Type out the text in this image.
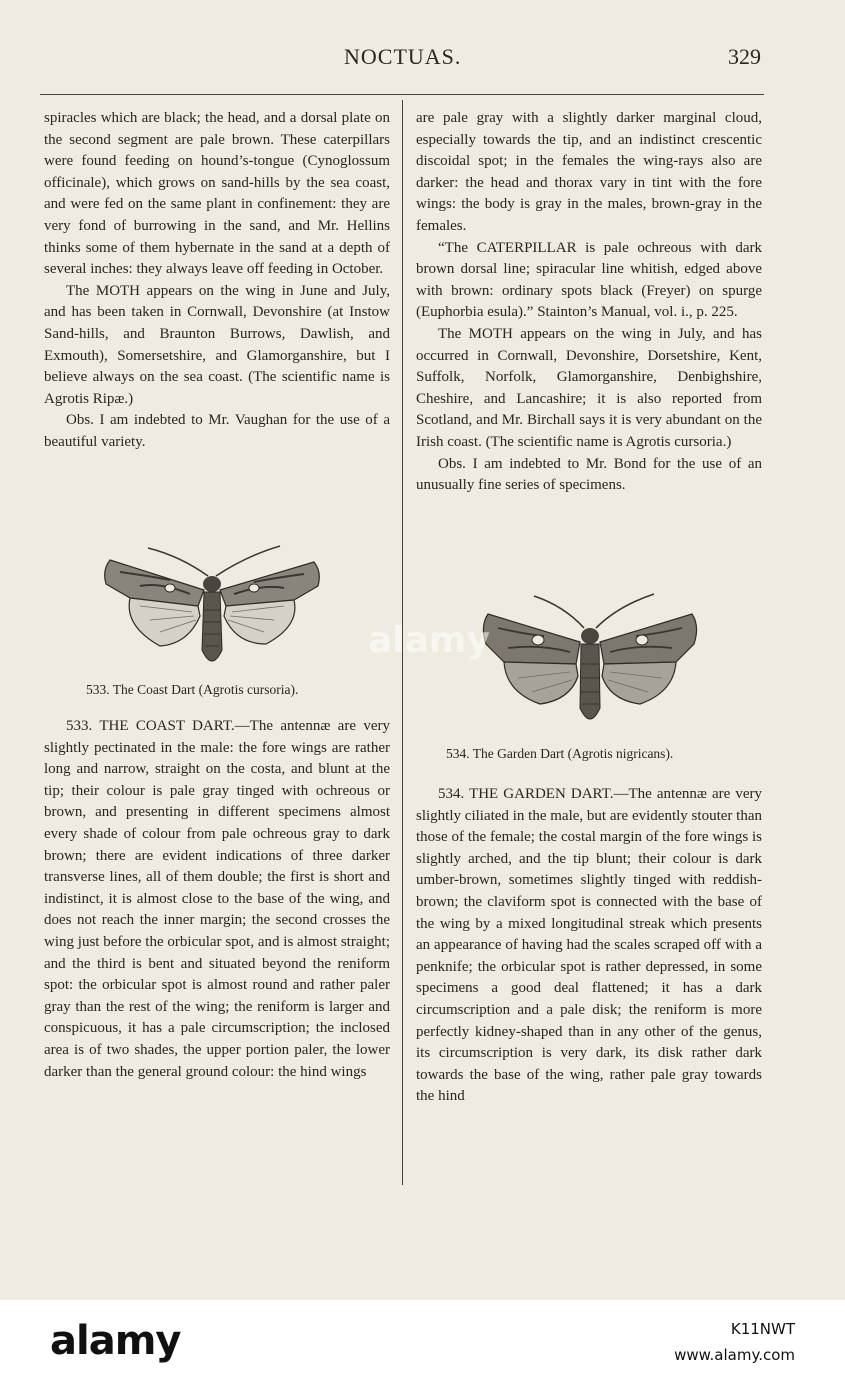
NOCTUAS.	329

spiracles which are black; the head, and a dorsal plate on the second segment are pale brown. These caterpillars were found feeding on hound’s-tongue (Cynoglossum officinale), which grows on sand-hills by the sea coast, and were fed on the same plant in confinement: they are very fond of burrowing in the sand, and Mr. Hellins thinks some of them hybernate in the sand at a depth of several inches: they always leave off feeding in October.

The MOTH appears on the wing in June and July, and has been taken in Cornwall, Devonshire (at Instow Sand-hills, and Braunton Burrows, Dawlish, and Exmouth), Somersetshire, and Glamorganshire, but I believe always on the sea coast. (The scientific name is Agrotis Ripæ.)

Obs. I am indebted to Mr. Vaughan for the use of a beautiful variety.

533. The Coast Dart (Agrotis cursoria).

533. THE COAST DART.—The antennæ are very slightly pectinated in the male: the fore wings are rather long and narrow, straight on the costa, and blunt at the tip; their colour is pale gray tinged with ochreous or brown, and presenting in different specimens almost every shade of colour from pale ochreous gray to dark brown; there are evident indications of three darker transverse lines, all of them double; the first is short and indistinct, it is almost close to the base of the wing, and does not reach the inner margin; the second crosses the wing just before the orbicular spot, and is almost straight; and the third is bent and situated beyond the reniform spot: the orbicular spot is almost round and rather paler gray than the rest of the wing; the reniform is larger and conspicuous, it has a pale circumscription; the inclosed area is of two shades, the upper portion paler, the lower darker than the general ground colour: the hind wings

are pale gray with a slightly darker marginal cloud, especially towards the tip, and an indistinct crescentic discoidal spot; in the females the wing-rays also are darker: the head and thorax vary in tint with the fore wings: the body is gray in the males, brown-gray in the females.

“The CATERPILLAR is pale ochreous with dark brown dorsal line; spiracular line whitish, edged above with brown: ordinary spots black (Freyer) on spurge (Euphorbia esula).” Stainton’s Manual, vol. i., p. 225.

The MOTH appears on the wing in July, and has occurred in Cornwall, Devonshire, Dorsetshire, Kent, Suffolk, Norfolk, Glamorganshire, Denbighshire, Cheshire, and Lancashire; it is also reported from Scotland, and Mr. Birchall says it is very abundant on the Irish coast. (The scientific name is Agrotis cursoria.)

Obs. I am indebted to Mr. Bond for the use of an unusually fine series of specimens.

534. The Garden Dart (Agrotis nigricans).

534. THE GARDEN DART.—The antennæ are very slightly ciliated in the male, but are evidently stouter than those of the female; the costal margin of the fore wings is slightly arched, and the tip blunt; their colour is dark umber-brown, sometimes slightly tinged with reddish-brown; the claviform spot is connected with the base of the wing by a mixed longitudinal streak which presents an appearance of having had the scales scraped off with a penknife; the orbicular spot is rather depressed, in some specimens a good deal flattened; it has a dark circumscription and a pale disk; the reniform is more perfectly kidney-shaped than in any other of the genus, its circumscription is very dark, its disk rather dark towards the base of the wing, rather pale gray towards the hind

alamy
alamy	K11NWT
www.alamy.com
